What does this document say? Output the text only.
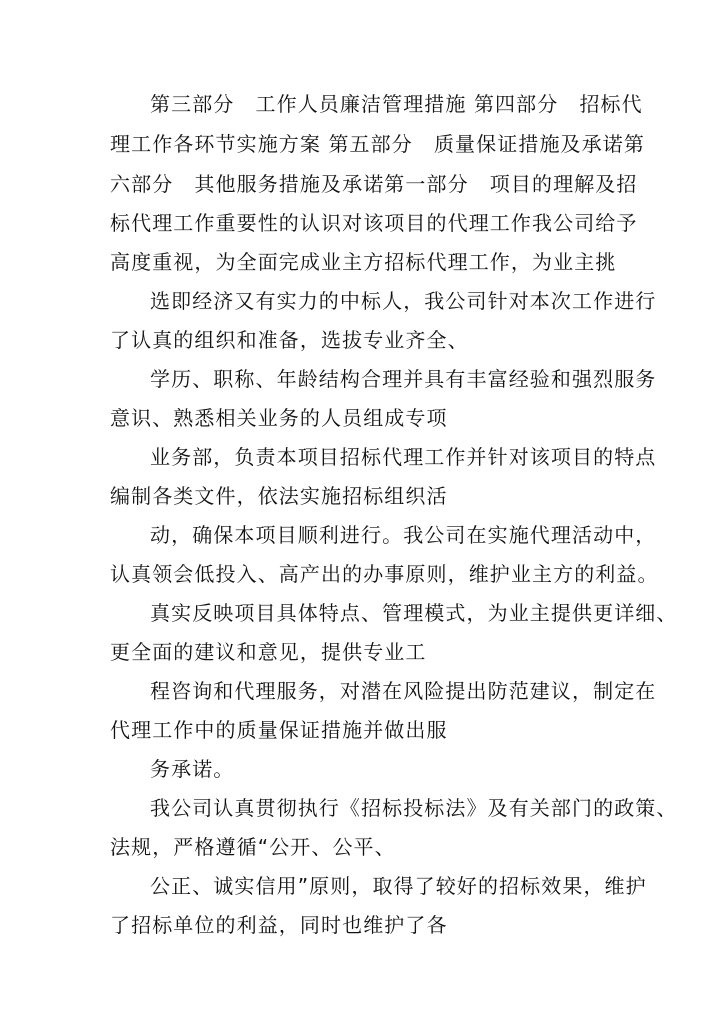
第三部分　工作人员廉洁管理措施 第四部分　招标代
理工作各环节实施方案 第五部分　质量保证措施及承诺第
六部分　其他服务措施及承诺第一部分　项目的理解及招
标代理工作重要性的认识对该项目的代理工作我公司给予
高度重视，为全面完成业主方招标代理工作，为业主挑
选即经济又有实力的中标人，我公司针对本次工作进行
了认真的组织和准备，选拔专业齐全、
学历、职称、年龄结构合理并具有丰富经验和强烈服务
意识、熟悉相关业务的人员组成专项
业务部，负责本项目招标代理工作并针对该项目的特点
编制各类文件，依法实施招标组织活
动，确保本项目顺利进行。我公司在实施代理活动中，
认真领会低投入、高产出的办事原则，维护业主方的利益。
真实反映项目具体特点、管理模式，为业主提供更详细、
更全面的建议和意见，提供专业工
程咨询和代理服务，对潜在风险提出防范建议，制定在
代理工作中的质量保证措施并做出服
务承诺。
我公司认真贯彻执行《招标投标法》及有关部门的政策、
法规，严格遵循“公开、公平、
公正、诚实信用”原则，取得了较好的招标效果，维护
了招标单位的利益，同时也维护了各
